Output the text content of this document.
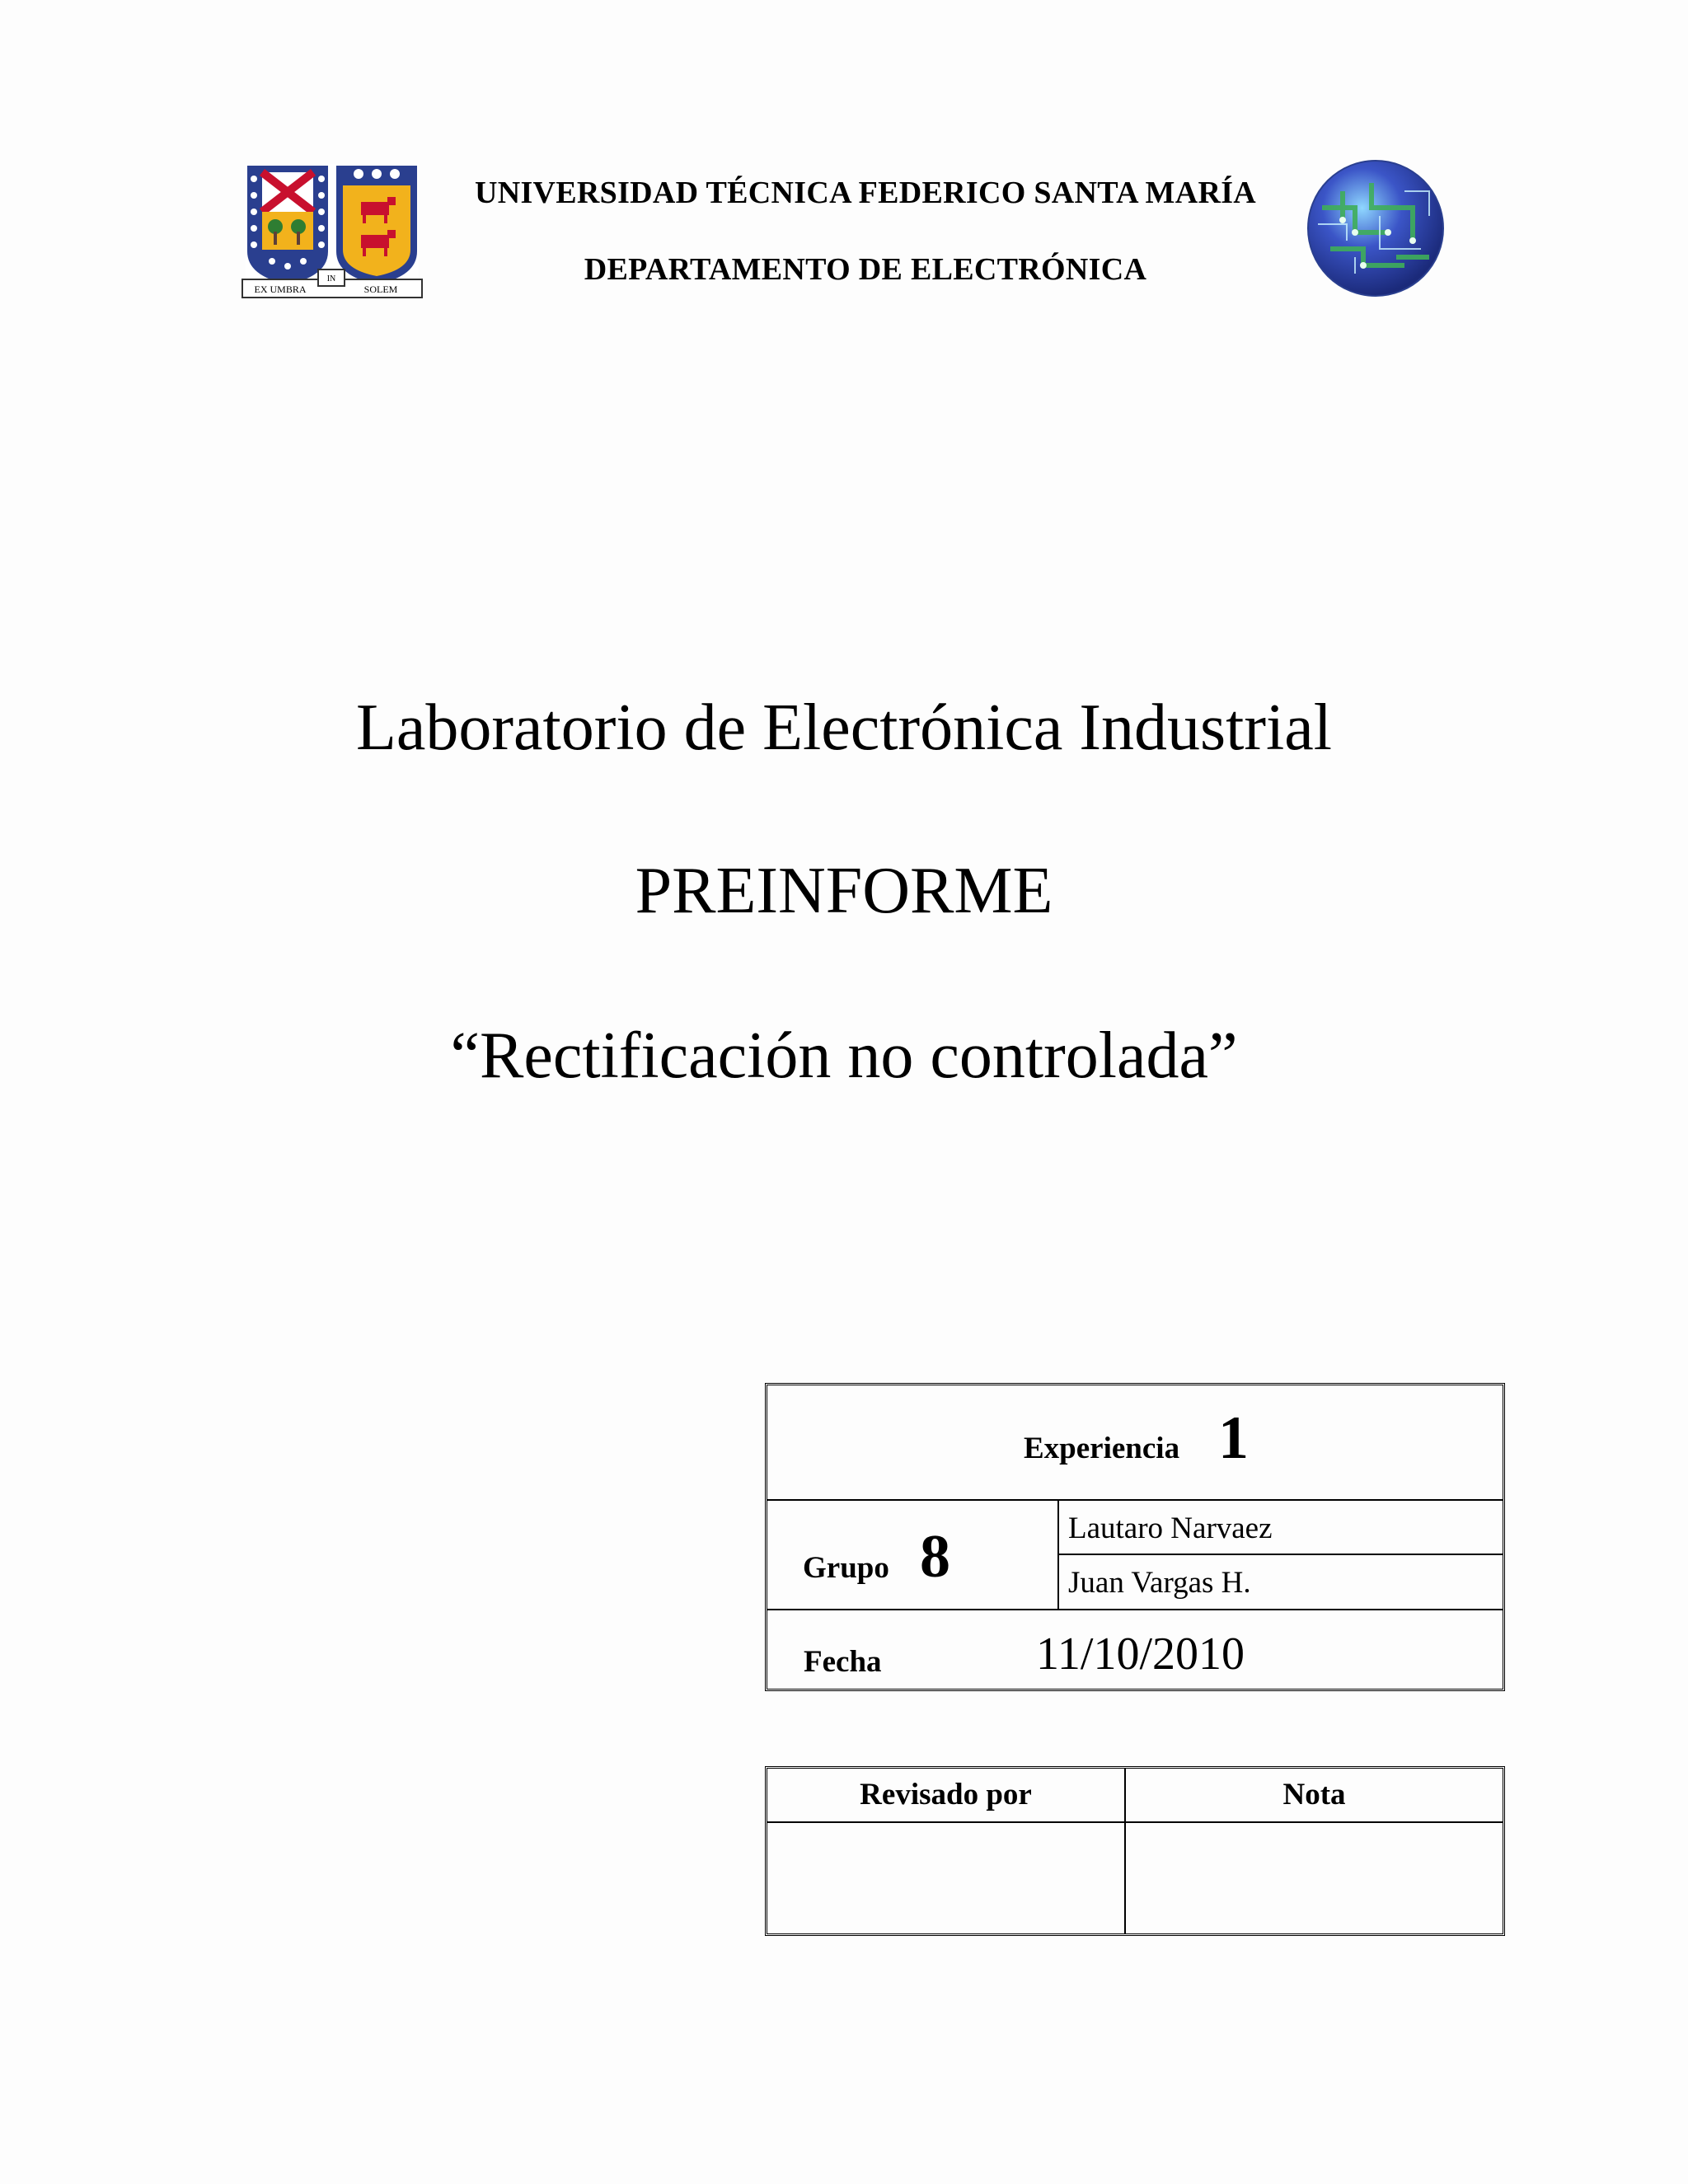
EX UMBRA
IN
SOLEM
UNIVERSIDAD TÉCNICA FEDERICO SANTA MARÍA
DEPARTAMENTO DE ELECTRÓNICA
Laboratorio de Electrónica Industrial
PREINFORME
“Rectificación no controlada”
Experiencia 1
Grupo 8	Lautaro Narvaez
Juan Vargas H.
Fecha	11/10/2010
Revisado por	Nota
